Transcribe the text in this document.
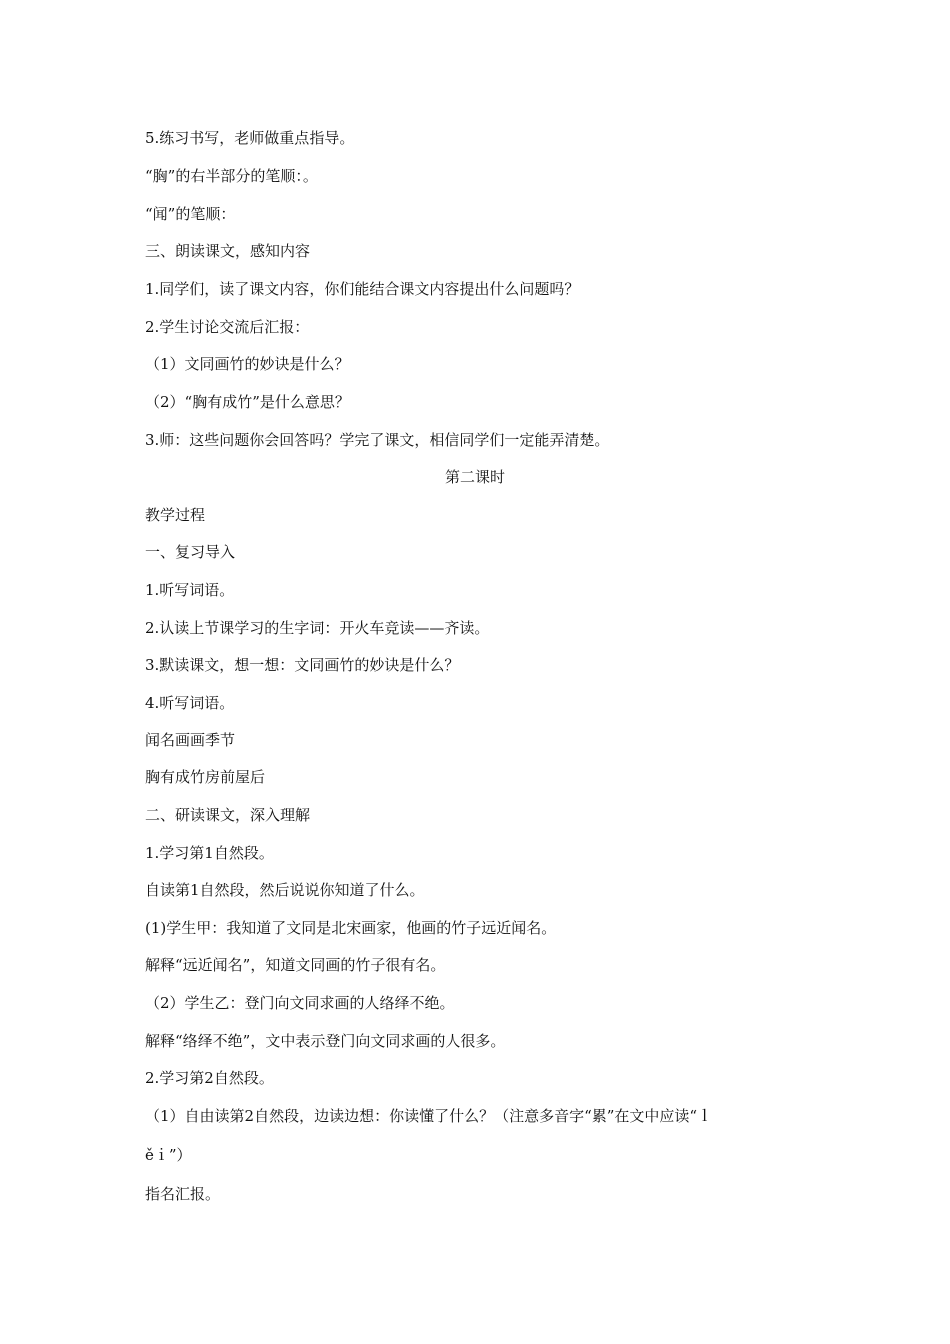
5.练习书写，老师做重点指导。
“胸”的右半部分的笔顺：。
“闻”的笔顺：
三、朗读课文，感知内容
1.同学们，读了课文内容，你们能结合课文内容提出什么问题吗？
2.学生讨论交流后汇报：
（1）文同画竹的妙诀是什么？
（2）“胸有成竹”是什么意思？
3.师：这些问题你会回答吗？学完了课文，相信同学们一定能弄清楚。
第二课时
教学过程
一、复习导入
1.听写词语。
2.认读上节课学习的生字词：开火车竞读——齐读。
3.默读课文，想一想：文同画竹的妙诀是什么？
4.听写词语。
闻名画画季节
胸有成竹房前屋后
二、研读课文，深入理解
1.学习第1自然段。
自读第1自然段，然后说说你知道了什么。
(1)学生甲：我知道了文同是北宋画家，他画的竹子远近闻名。
解释“远近闻名”，知道文同画的竹子很有名。
（2）学生乙：登门向文同求画的人络绎不绝。
解释“络绎不绝”，文中表示登门向文同求画的人很多。
2.学习第2自然段。
（1）自由读第2自然段，边读边想：你读懂了什么？（注意多音字“累”在文中应读“ｌ
ěｉ”）
指名汇报。
